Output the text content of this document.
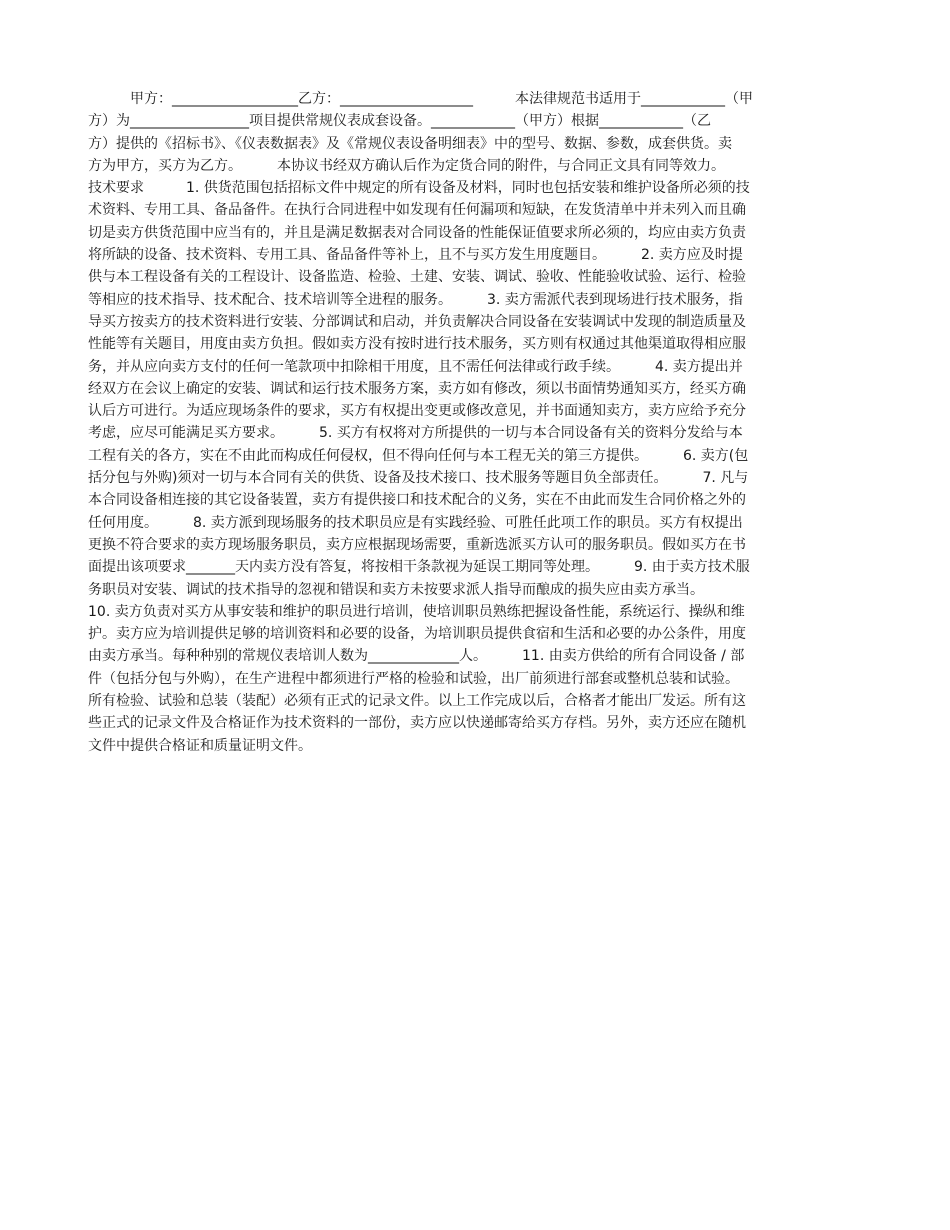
　　　甲方：__________________乙方：___________________　　　本法律规范书适用于____________（甲
方）为_________________项目提供常规仪表成套设备。____________（甲方）根据____________（乙
方）提供的《招标书》、《仪表数据表》及《常规仪表设备明细表》中的型号、数据、参数，成套供货。卖
方为甲方，买方为乙方。　　　本协议书经双方确认后作为定货合同的附件，与合同正文具有同等效力。
技术要求　　　1. 供货范围包括招标文件中规定的所有设备及材料，同时也包括安装和维护设备所必须的技
术资料、专用工具、备品备件。在执行合同进程中如发现有任何漏项和短缺，在发货清单中并未列入而且确
切是卖方供货范围中应当有的，并且是满足数据表对合同设备的性能保证值要求所必须的，均应由卖方负责
将所缺的设备、技术资料、专用工具、备品备件等补上，且不与买方发生用度题目。　　　2. 卖方应及时提
供与本工程设备有关的工程设计、设备监造、检验、土建、安装、调试、验收、性能验收试验、运行、检验
等相应的技术指导、技术配合、技术培训等全进程的服务。　　　3. 卖方需派代表到现场进行技术服务，指
导买方按卖方的技术资料进行安装、分部调试和启动，并负责解决合同设备在安装调试中发现的制造质量及
性能等有关题目，用度由卖方负担。假如卖方没有按时进行技术服务，买方则有权通过其他渠道取得相应服
务，并从应向卖方支付的任何一笔款项中扣除相干用度，且不需任何法律或行政手续。　　　4. 卖方提出并
经双方在会议上确定的安装、调试和运行技术服务方案，卖方如有修改，须以书面情势通知买方，经买方确
认后方可进行。为适应现场条件的要求，买方有权提出变更或修改意见，并书面通知卖方，卖方应给予充分
考虑，应尽可能满足买方要求。　　　5. 买方有权将对方所提供的一切与本合同设备有关的资料分发给与本
工程有关的各方，实在不由此而构成任何侵权，但不得向任何与本工程无关的第三方提供。　　　6. 卖方(包
括分包与外购)须对一切与本合同有关的供货、设备及技术接口、技术服务等题目负全部责任。　　　7. 凡与
本合同设备相连接的其它设备装置，卖方有提供接口和技术配合的义务，实在不由此而发生合同价格之外的
任何用度。　　　8. 卖方派到现场服务的技术职员应是有实践经验、可胜任此项工作的职员。买方有权提出
更换不符合要求的卖方现场服务职员，卖方应根据现场需要，重新选派买方认可的服务职员。假如买方在书
面提出该项要求_______天内卖方没有答复，将按相干条款视为延误工期同等处理。　　　9. 由于卖方技术服
务职员对安装、调试的技术指导的忽视和错误和卖方未按要求派人指导而酿成的损失应由卖方承当。
10. 卖方负责对买方从事安装和维护的职员进行培训，使培训职员熟练把握设备性能，系统运行、操纵和维
护。卖方应为培训提供足够的培训资料和必要的设备，为培训职员提供食宿和生活和必要的办公条件，用度
由卖方承当。每种种别的常规仪表培训人数为_____________人。　　　11. 由卖方供给的所有合同设备 / 部
件（包括分包与外购），在生产进程中都须进行严格的检验和试验，出厂前须进行部套或整机总装和试验。
所有检验、试验和总装（装配）必须有正式的记录文件。以上工作完成以后，合格者才能出厂发运。所有这
些正式的记录文件及合格证作为技术资料的一部份，卖方应以快递邮寄给买方存档。另外，卖方还应在随机
文件中提供合格证和质量证明文件。
